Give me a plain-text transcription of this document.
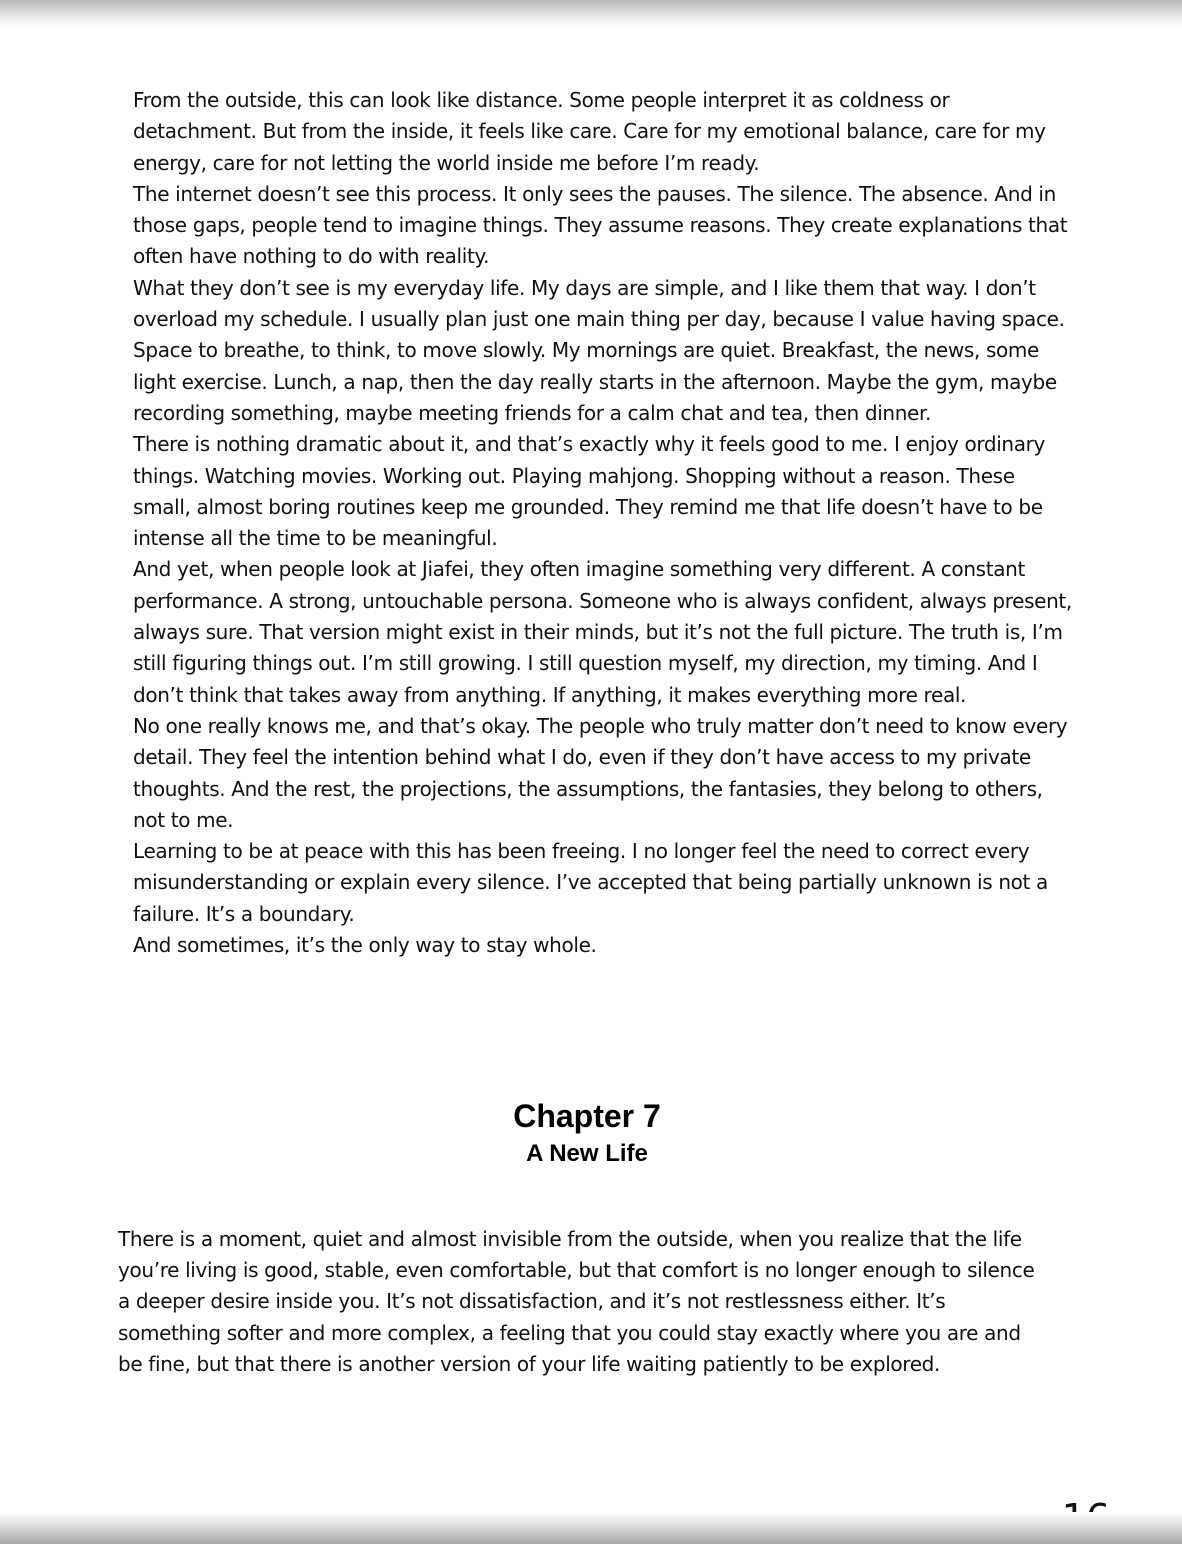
From the outside, this can look like distance. Some people interpret it as coldness or detachment. But from the inside, it feels like care. Care for my emotional balance, care for my energy, care for not letting the world inside me before I’m ready.

The internet doesn’t see this process. It only sees the pauses. The silence. The absence. And in those gaps, people tend to imagine things. They assume reasons. They create explanations that often have nothing to do with reality.

What they don’t see is my everyday life. My days are simple, and I like them that way. I don’t overload my schedule. I usually plan just one main thing per day, because I value having space. Space to breathe, to think, to move slowly. My mornings are quiet. Breakfast, the news, some light exercise. Lunch, a nap, then the day really starts in the afternoon. Maybe the gym, maybe recording something, maybe meeting friends for a calm chat and tea, then dinner.

There is nothing dramatic about it, and that’s exactly why it feels good to me. I enjoy ordinary things. Watching movies. Working out. Playing mahjong. Shopping without a reason. These small, almost boring routines keep me grounded. They remind me that life doesn’t have to be intense all the time to be meaningful.

And yet, when people look at Jiafei, they often imagine something very different. A constant performance. A strong, untouchable persona. Someone who is always confident, always present, always sure. That version might exist in their minds, but it’s not the full picture. The truth is, I’m still figuring things out. I’m still growing. I still question myself, my direction, my timing. And I don’t think that takes away from anything. If anything, it makes everything more real.

No one really knows me, and that’s okay. The people who truly matter don’t need to know every detail. They feel the intention behind what I do, even if they don’t have access to my private thoughts. And the rest, the projections, the assumptions, the fantasies, they belong to others, not to me.

Learning to be at peace with this has been freeing. I no longer feel the need to correct every misunderstanding or explain every silence. I’ve accepted that being partially unknown is not a failure. It’s a boundary.

And sometimes, it’s the only way to stay whole.

Chapter 7
A New Life

There is a moment, quiet and almost invisible from the outside, when you realize that the life you’re living is good, stable, even comfortable, but that comfort is no longer enough to silence a deeper desire inside you. It’s not dissatisfaction, and it’s not restlessness either. It’s something softer and more complex, a feeling that you could stay exactly where you are and be fine, but that there is another version of your life waiting patiently to be explored.
